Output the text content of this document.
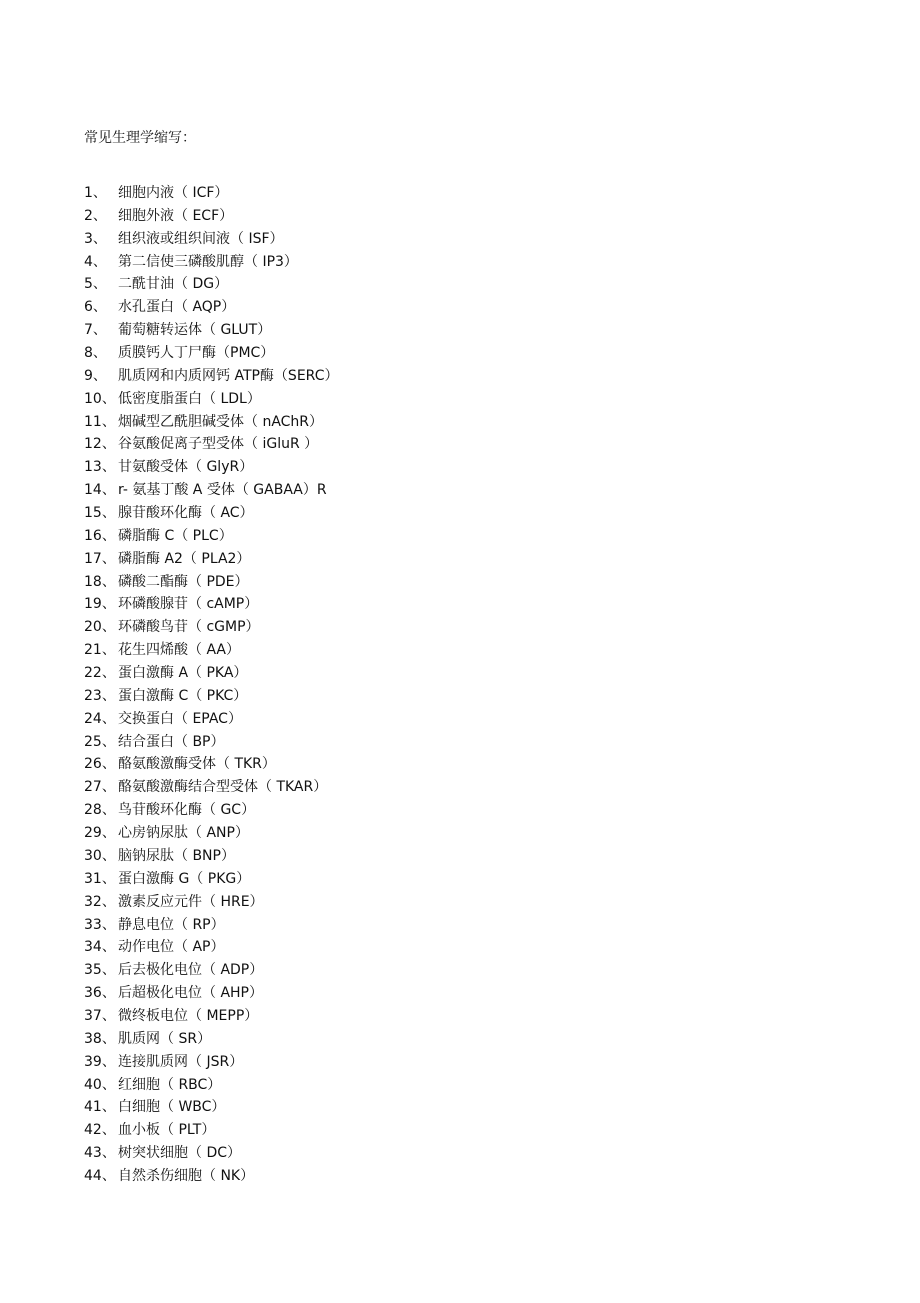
常见生理学缩写：
1、 细胞内液（ ICF）
2、 细胞外液（ ECF）
3、 组织液或组织间液（ ISF）
4、 第二信使三磷酸肌醇（ IP3）
5、 二酰甘油（ DG）
6、 水孔蛋白（ AQP）
7、 葡萄糖转运体（ GLUT）
8、 质膜钙人丁尸酶（PMC）
9、 肌质网和内质网钙 ATP酶（SERC）
10、 低密度脂蛋白（ LDL）
11、 烟碱型乙酰胆碱受体（ nAChR）
12、 谷氨酸促离子型受体（ iGluR ）
13、 甘氨酸受体（ GlyR）
14、 r- 氨基丁酸 A 受体（ GABAA）R
15、 腺苷酸环化酶（ AC）
16、 磷脂酶 C（ PLC）
17、 磷脂酶 A2（ PLA2）
18、 磷酸二酯酶（ PDE）
19、 环磷酸腺苷（ cAMP）
20、 环磷酸鸟苷（ cGMP）
21、 花生四烯酸（ AA）
22、 蛋白激酶 A（ PKA）
23、 蛋白激酶 C（ PKC）
24、 交换蛋白（ EPAC）
25、 结合蛋白（ BP）
26、 酪氨酸激酶受体（ TKR）
27、 酪氨酸激酶结合型受体（ TKAR）
28、 鸟苷酸环化酶（ GC）
29、 心房钠尿肽（ ANP）
30、 脑钠尿肽（ BNP）
31、 蛋白激酶 G（ PKG）
32、 激素反应元件（ HRE）
33、 静息电位（ RP）
34、 动作电位（ AP）
35、 后去极化电位（ ADP）
36、 后超极化电位（ AHP）
37、 微终板电位（ MEPP）
38、 肌质网（ SR）
39、 连接肌质网（ JSR）
40、 红细胞（ RBC）
41、 白细胞（ WBC）
42、 血小板（ PLT）
43、 树突状细胞（ DC）
44、 自然杀伤细胞（ NK）
